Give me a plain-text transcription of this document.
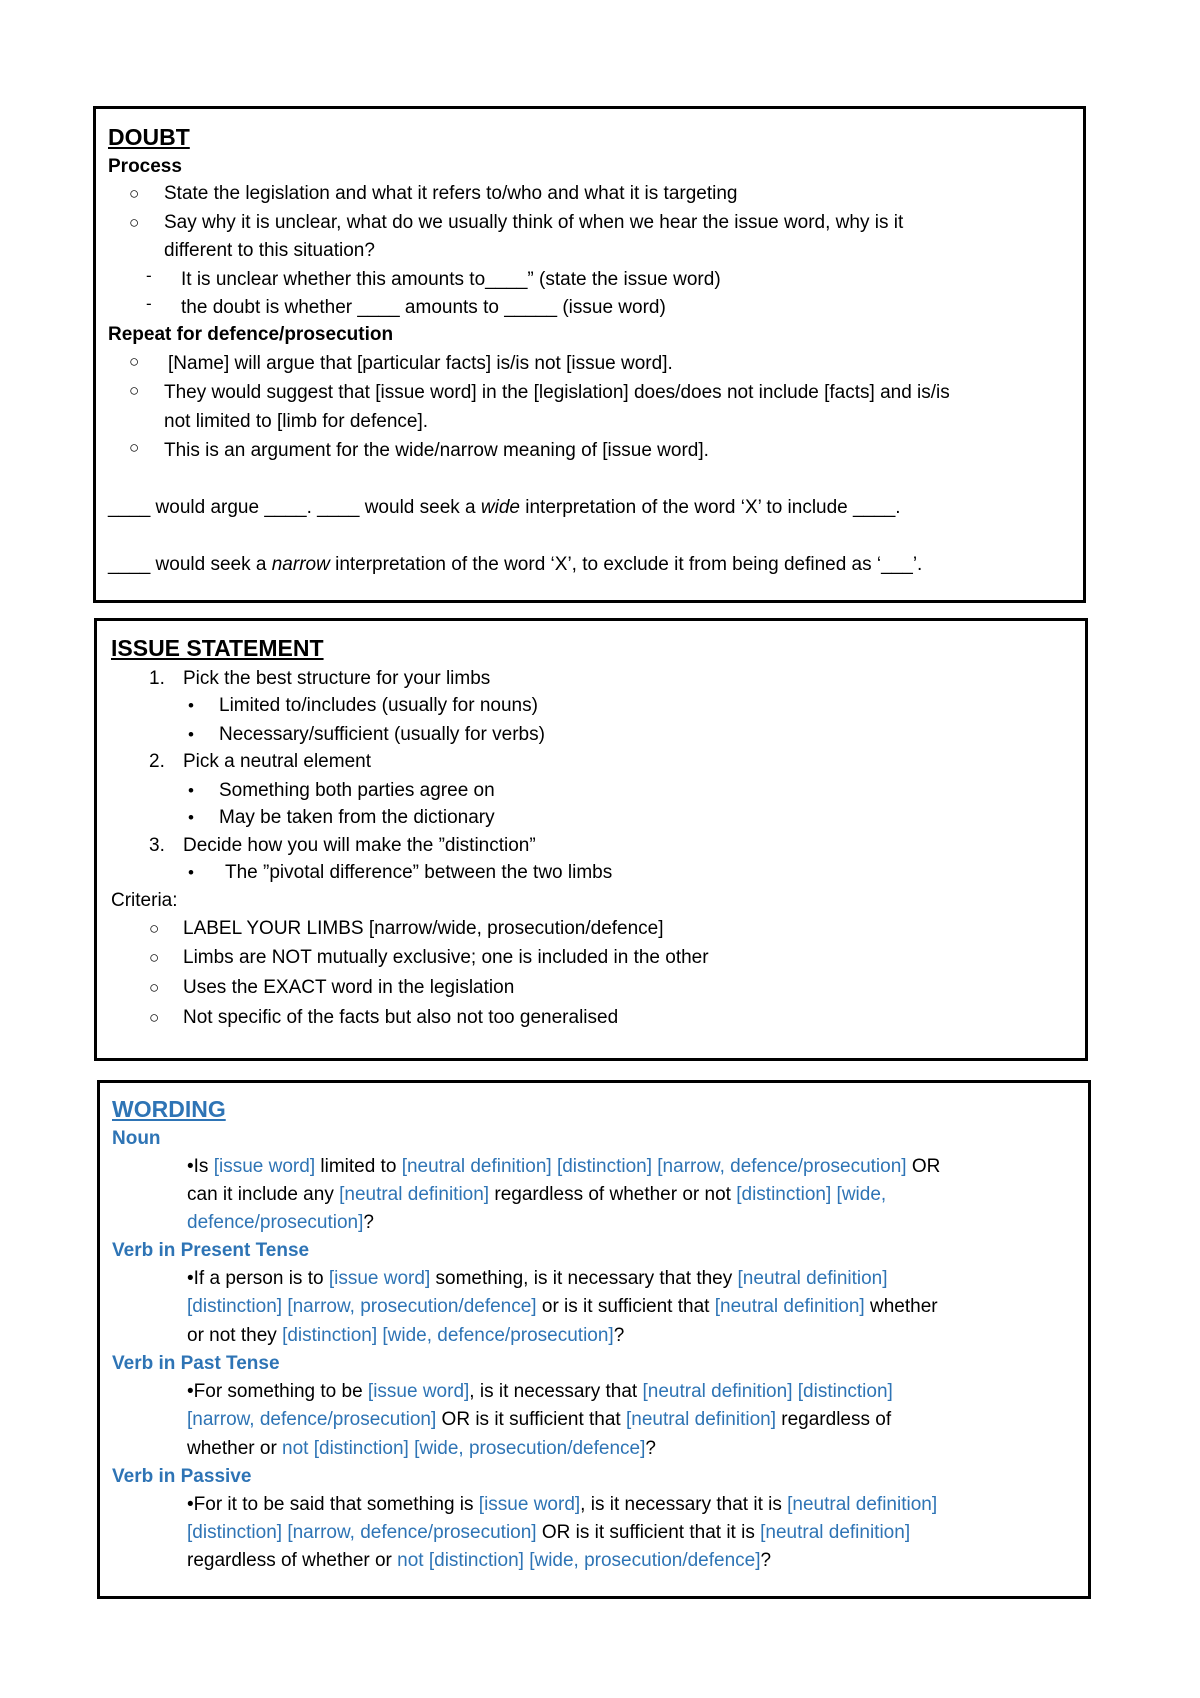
DOUBT
Process
○ State the legislation and what it refers to/who and what it is targeting
○ Say why it is unclear, what do we usually think of when we hear the issue word, why is it
different to this situation?
- It is unclear whether this amounts to____” (state the issue word)
- the doubt is whether ____ amounts to _____ (issue word)
Repeat for defence/prosecution
○ [Name] will argue that [particular facts] is/is not [issue word].
○ They would suggest that [issue word] in the [legislation] does/does not include [facts] and is/is
not limited to [limb for defence].
○ This is an argument for the wide/narrow meaning of [issue word].
____ would argue ____. ____ would seek a wide interpretation of the word ‘X’ to include ____.
____ would seek a narrow interpretation of the word ‘X’, to exclude it from being defined as ‘___’.
ISSUE STATEMENT
1. Pick the best structure for your limbs
• Limited to/includes (usually for nouns)
• Necessary/sufficient (usually for verbs)
2. Pick a neutral element
• Something both parties agree on
• May be taken from the dictionary
3. Decide how you will make the ”distinction”
• The ”pivotal difference” between the two limbs
Criteria:
○ LABEL YOUR LIMBS [narrow/wide, prosecution/defence]
○ Limbs are NOT mutually exclusive; one is included in the other
○ Uses the EXACT word in the legislation
○ Not specific of the facts but also not too generalised
WORDING
Noun
•Is [issue word] limited to [neutral definition] [distinction] [narrow, defence/prosecution] OR
can it include any [neutral definition] regardless of whether or not [distinction] [wide,
defence/prosecution]?
Verb in Present Tense
•If a person is to [issue word] something, is it necessary that they [neutral definition]
[distinction] [narrow, prosecution/defence] or is it sufficient that [neutral definition] whether
or not they [distinction] [wide, defence/prosecution]?
Verb in Past Tense
•For something to be [issue word], is it necessary that [neutral definition] [distinction]
[narrow, defence/prosecution] OR is it sufficient that [neutral definition] regardless of
whether or not [distinction] [wide, prosecution/defence]?
Verb in Passive
•For it to be said that something is [issue word], is it necessary that it is [neutral definition]
[distinction] [narrow, defence/prosecution] OR is it sufficient that it is [neutral definition]
regardless of whether or not [distinction] [wide, prosecution/defence]?
